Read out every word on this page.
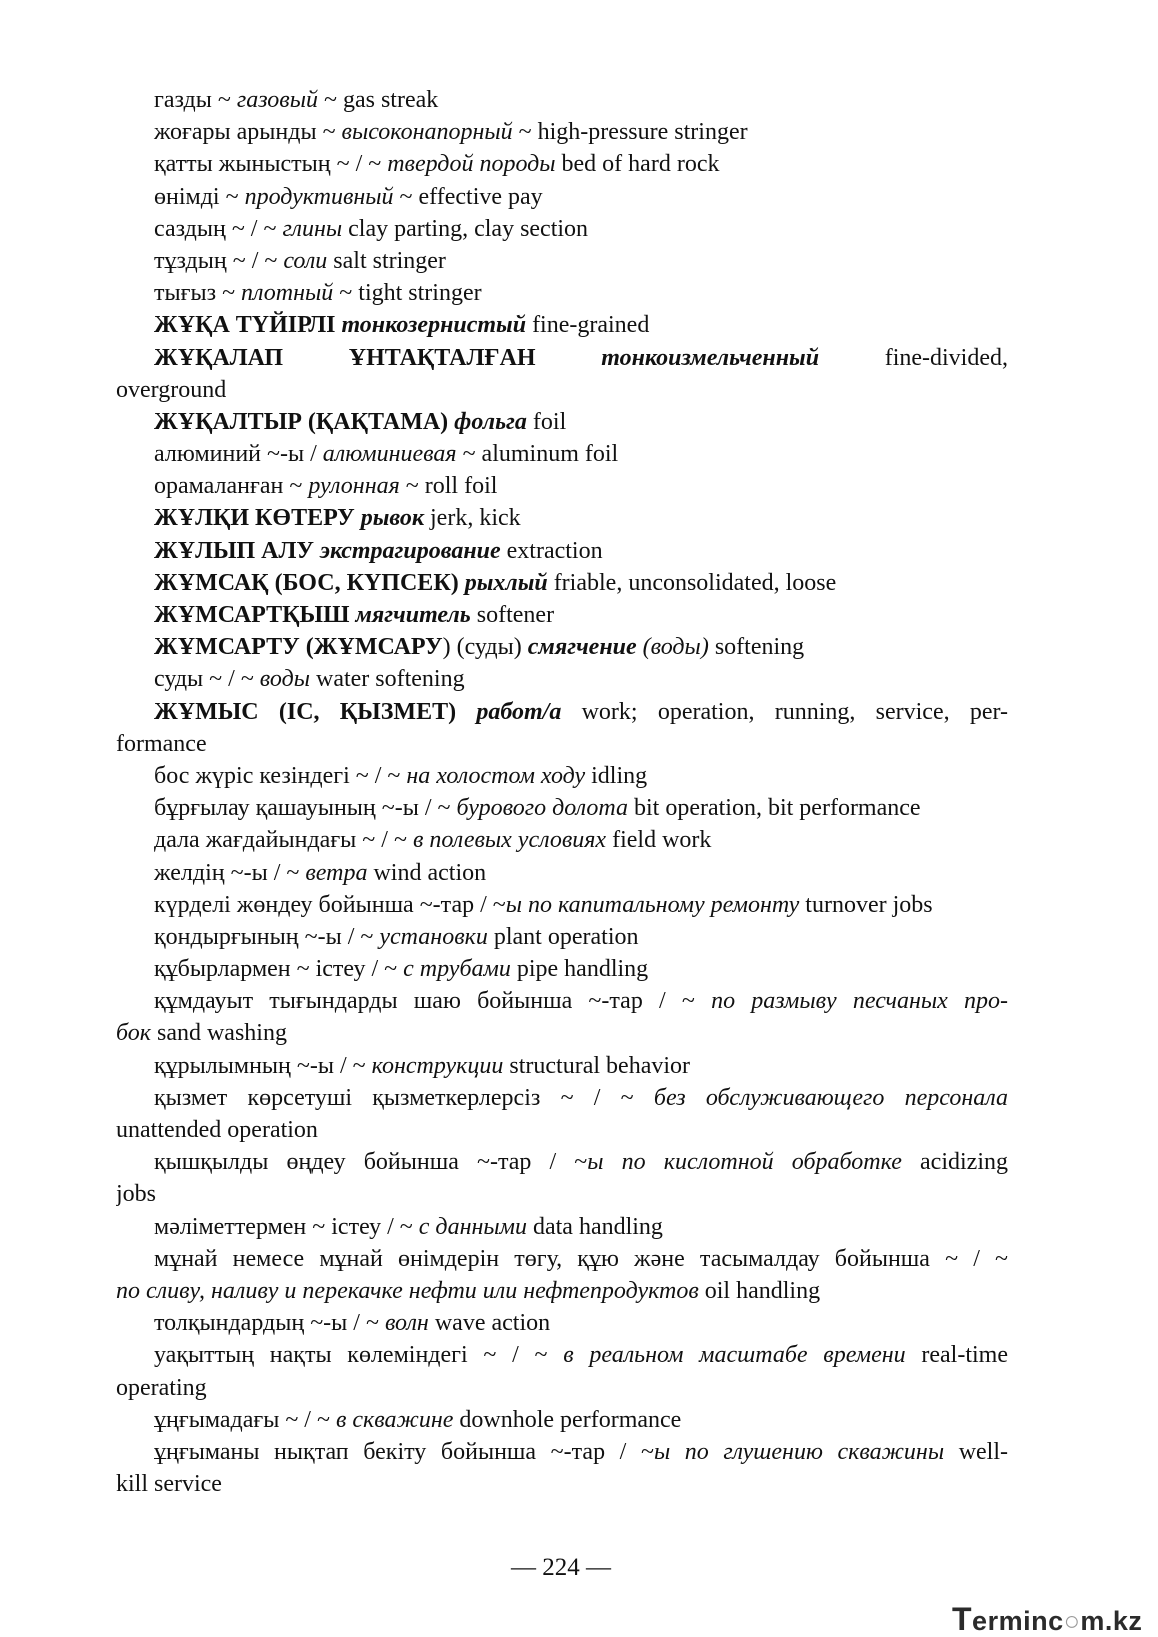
газды ~ газовый ~ gas streak
жоғары арынды ~ высоконапорный ~ high-pressure stringer
қатты жыныстың ~ / ~ твердой породы bed of hard rock
өнімді ~ продуктивный ~ effective pay
саздың ~ / ~ глины clay parting, clay section
тұздың ~ / ~ соли salt stringer
тығыз ~ плотный ~ tight stringer
ЖҰҚА ТҮЙІРЛІ тонкозернистый fine-grained
ЖҰҚАЛАП	ҰНТАҚТАЛҒАН	тонкоизмельченный fine-divided,
overground
ЖҰҚАЛТЫР (ҚАҚТАМА) фольга foil
алюминий ~-ы / алюминиевая ~ aluminum foil
орамаланған ~ рулонная ~ roll foil
ЖҰЛҚИ КӨТЕРУ рывок jerk, kick
ЖҰЛЫП АЛУ экстрагирование extraction
ЖҰМСАҚ (БОС, КҮПСЕК) рыхлый friable, unconsolidated, loose
ЖҰМСАРТҚЫШ мягчитель softener
ЖҰМСАРТУ (ЖҰМСАРУ) (суды) смягчение (воды) softening
суды ~ / ~ воды water softening
ЖҰМЫС (ІС, ҚЫЗМЕТ) работ/а work; operation, running, service, per-
formance
бос жүріс кезіндегі ~ / ~ на холостом ходу idling
бұрғылау қашауының ~-ы / ~ бурового долота bit operation, bit performance
дала жағдайындағы ~ / ~ в полевых условиях field work
желдің ~-ы / ~ ветра wind action
күрделі жөндеу бойынша ~-тар / ~ы по капитальному ремонту turnover jobs
қондырғының ~-ы / ~ установки plant operation
құбырлармен ~ істеу / ~ с трубами pipe handling
құмдауыт тығындарды шаю бойынша ~-тар / ~ по размыву песчаных про-
бок sand washing
құрылымның ~-ы / ~ конструкции structural behavior
қызмет көрсетуші қызметкерлерсіз ~ / ~ без обслуживающего персонала
unattended operation
қышқылды өңдеу бойынша ~-тар / ~ы по кислотной обработке acidizing
jobs
мәліметтермен ~ істеу / ~ с данными data handling
мұнай немесе мұнай өнімдерін төгу, құю және тасымалдау бойынша ~ / ~
по сливу, наливу и перекачке нефти или нефтепродуктов oil handling
толқындардың ~-ы / ~ волн wave action
уақыттың нақты көлеміндегі ~ / ~ в реальном масштабе времени real-time
operating
ұңғымадағы ~ / ~ в скважине downhole performance
ұңғыманы нықтап бекіту бойынша ~-тар / ~ы по глушению скважины well-
kill service
— 224 —
Terminc○m.kz
